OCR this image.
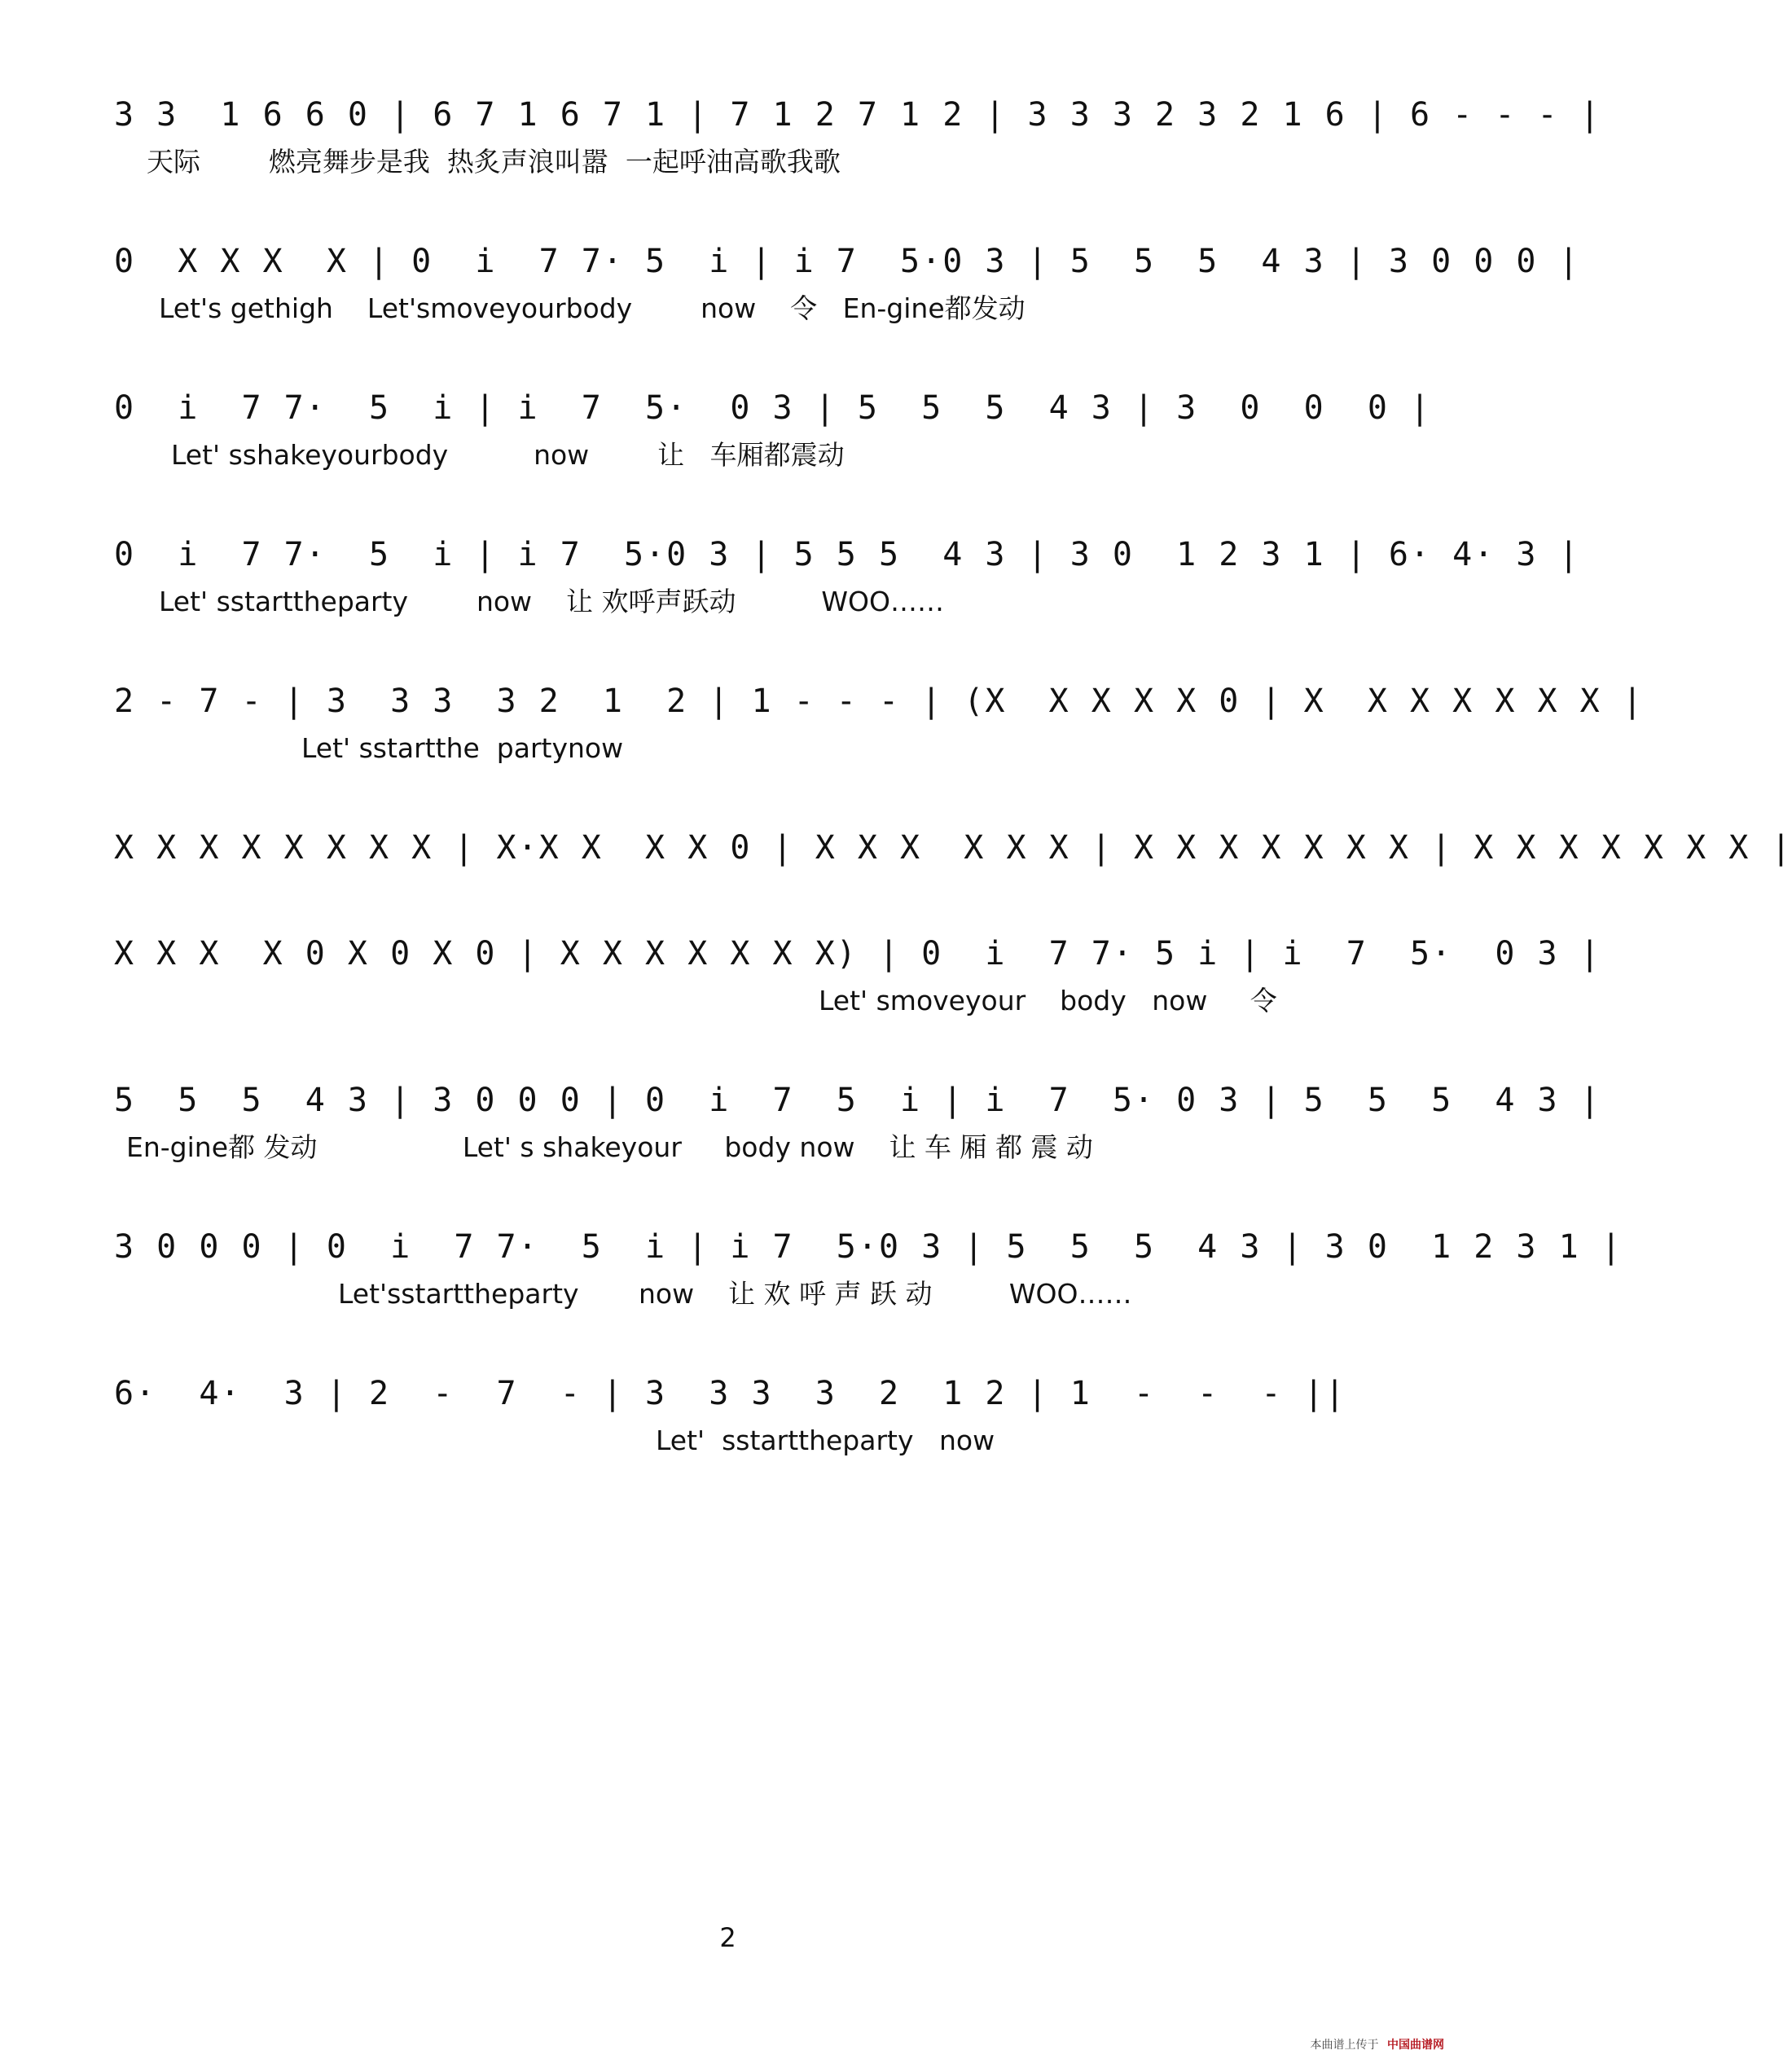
3 3  1 6 6 0 | 6 7 1 6 7 1 | 7 1 2 7 1 2 | 3 3 3 2 3 2 1 6 | 6 - - - |
天际        燃亮舞步是我  热炙声浪叫嚣  一起呼油高歌我歌
0  X X X  X | 0  i  7 7· 5  i | i 7  5·0 3 | 5  5  5  4 3 | 3 0 0 0 |
Let's gethigh    Let'smoveyourbody        now    令   En-gine都发动
0  i  7 7·  5  i | i  7  5·  0 3 | 5  5  5  4 3 | 3  0  0  0 |
Let' sshakeyourbody          now        让   车厢都震动
0  i  7 7·  5  i | i 7  5·0 3 | 5 5 5  4 3 | 3 0  1 2 3 1 | 6· 4· 3 |
Let' sstarttheparty        now    让 欢呼声跃动          WOO……
2 - 7 - | 3  3 3  3 2  1  2 | 1 - - - | (X  X X X X 0 | X  X X X X X X |
Let' sstartthe  partynow
X X X X X X X X | X·X X  X X 0 | X X X  X X X | X X X X X X X | X X X X X X X |
X X X  X 0 X 0 X 0 | X X X X X X X) | 0  i  7 7· 5 i | i  7  5·  0 3 |
Let' smoveyour    body   now     令
5  5  5  4 3 | 3 0 0 0 | 0  i  7  5  i | i  7  5· 0 3 | 5  5  5  4 3 |
En-gine都 发动                 Let' s shakeyour     body now    让 车 厢 都 震 动
3 0 0 0 | 0  i  7 7·  5  i | i 7  5·0 3 | 5  5  5  4 3 | 3 0  1 2 3 1 |
Let'sstarttheparty       now    让 欢 呼 声 跃 动         WOO……
6·  4·  3 | 2  -  7  - | 3  3 3  3  2  1 2 | 1  -  -  - ||
Let'  sstarttheparty   now
2
本曲谱上传于 中国曲谱网
